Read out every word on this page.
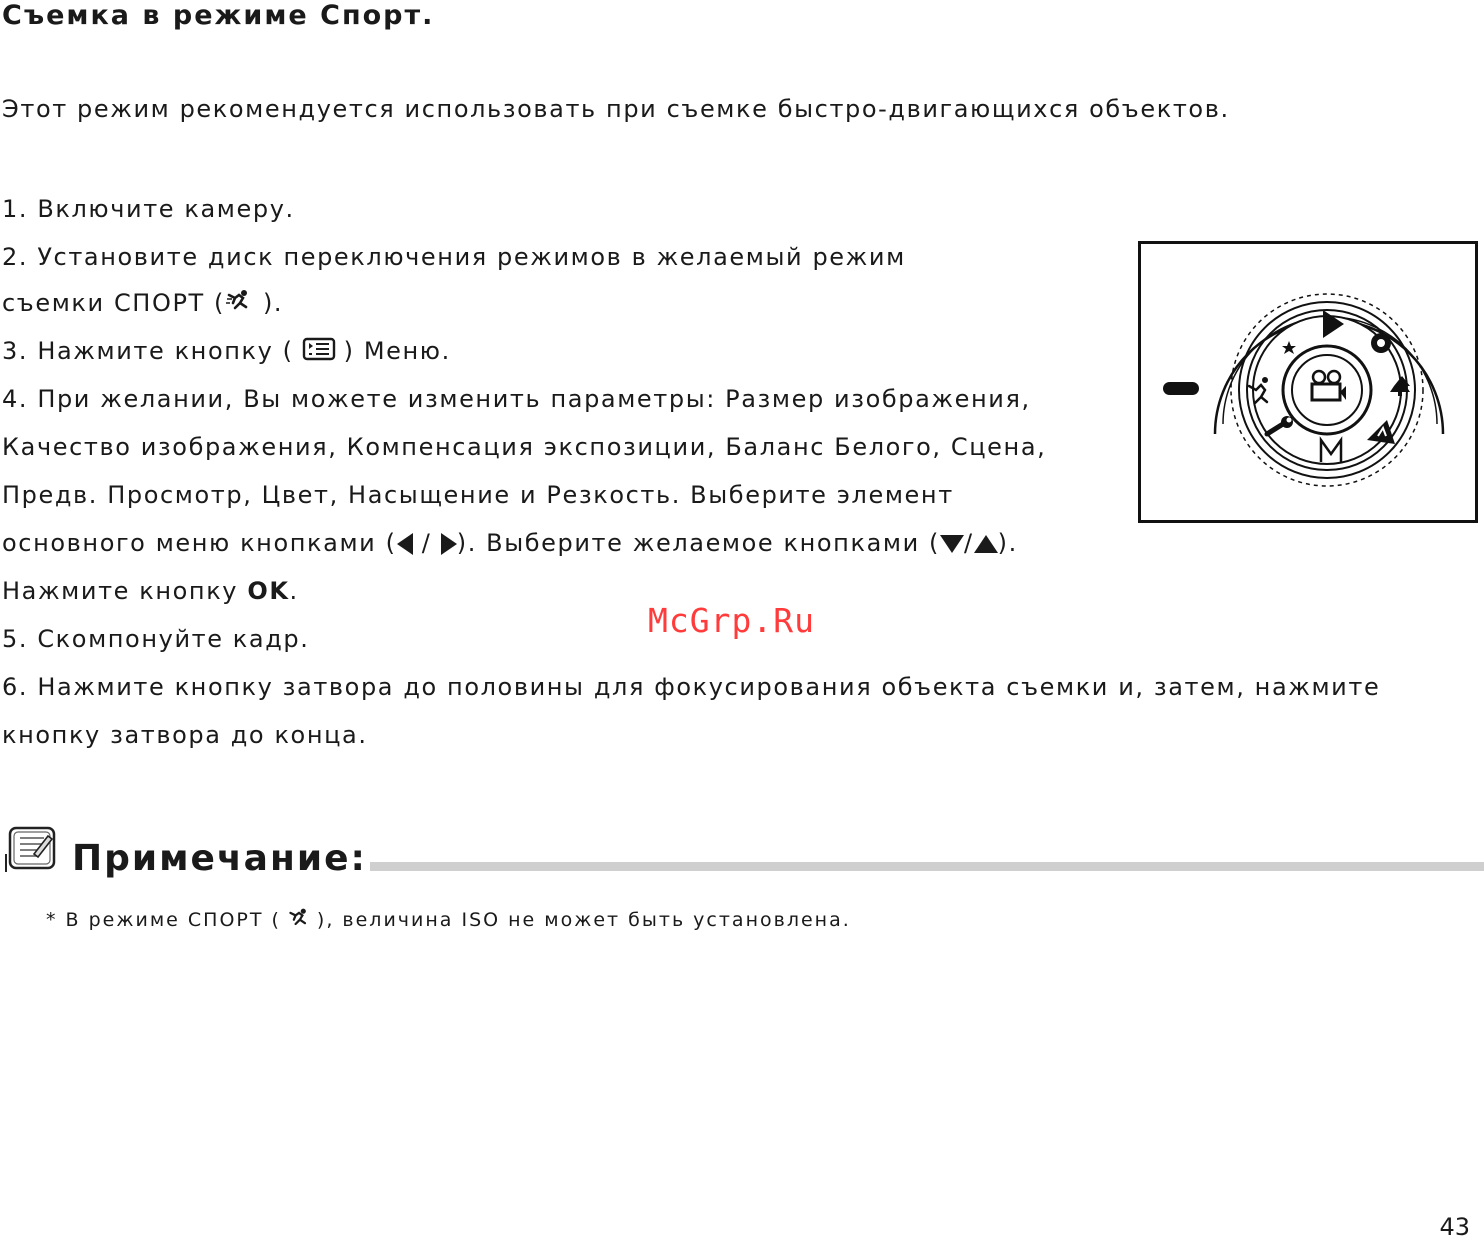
Съемка в режиме Спорт.
Этот режим рекомендуется использовать при съемке быстро-двигающихся объектов.
1. Включите камеру.
2. Установите диск переключения режимов в желаемый режим
съемки СПОРТ ( ).
3. Нажмите кнопку ( ) Меню.
4. При желании, Вы можете изменить параметры: Размер изображения,
Качество изображения, Компенсация экспозиции, Баланс Белого, Сцена,
Предв. Просмотр, Цвет, Насыщение и Резкость. Выберите элемент
основного меню кнопками ( / ). Выберите желаемое кнопками ( / ).
Нажмите кнопку OK.
5. Скомпонуйте кадр.
6. Нажмите кнопку затвора до половины для фокусирования объекта съемки и, затем, нажмите
кнопку затвора до конца.
McGrp.Ru
Примечание:
* В режиме СПОРТ ( ), величина ISO не может быть установлена.
43
